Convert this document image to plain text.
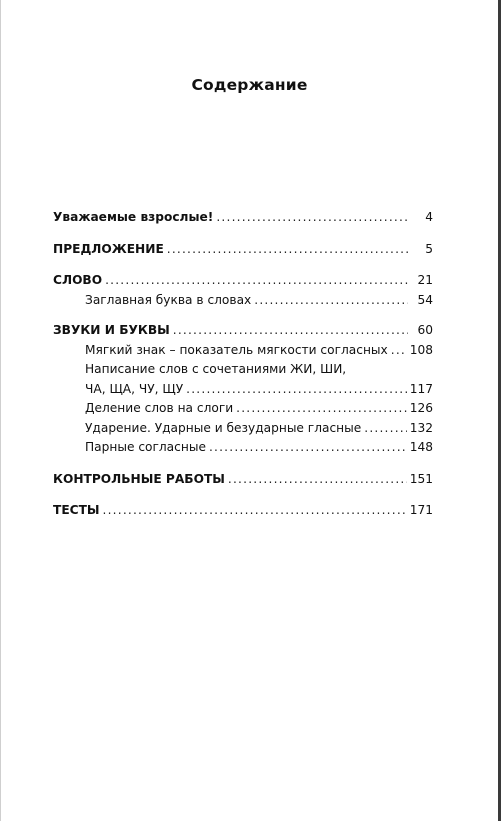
Содержание
Уважаемые взрослые! .....	4
ПРЕДЛОЖЕНИЕ .....	5
СЛОВО .....	21
Заглавная буква в словах .....	54
ЗВУКИ И БУКВЫ .....	60
Мягкий знак – показатель мягкости согласных ..... 108
Написание слов с сочетаниями ЖИ, ШИ,
ЧА, ЩА, ЧУ, ЩУ .....	117
Деление слов на слоги .....	126
Ударение. Ударные и безударные гласные .....	132
Парные согласные .....	148
КОНТРОЛЬНЫЕ РАБОТЫ .....	151
ТЕСТЫ .....	171
